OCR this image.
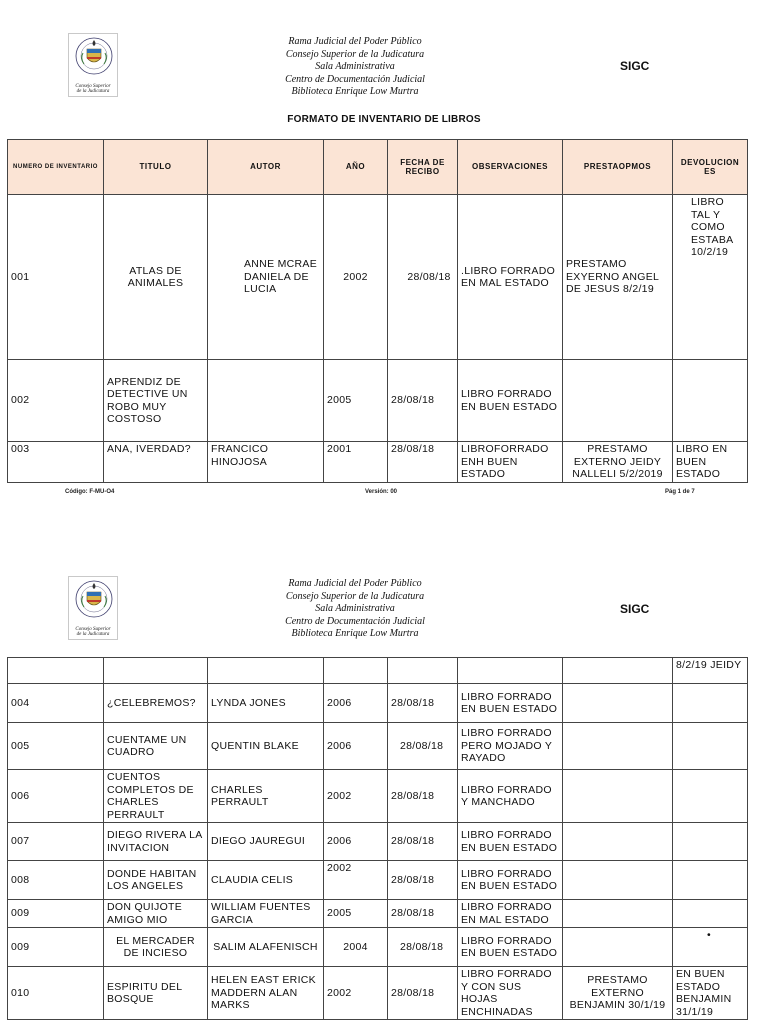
Consejo Superior
de la Judicatura
Rama Judicial del Poder Público
Consejo Superior de la Judicatura
Sala Administrativa
Centro de Documentación Judicial
Biblioteca Enrique Low Murtra
SIGC
FORMATO DE INVENTARIO DE LIBROS
NUMERO DE INVENTARIO	TITULO	AUTOR	AÑO	FECHA DE RECIBO	OBSERVACIONES	PRESTAOPMOS	DEVOLUCION ES
001	ATLAS DE ANIMALES	ANNE MCRAE DANIELA DE LUCIA	2002	28/08/18	.LIBRO FORRADO EN MAL ESTADO	PRESTAMO EXYERNO ANGEL DE JESUS 8/2/19	LIBRO TAL Y COMO ESTABA 10/2/19
002	APRENDIZ DE DETECTIVE UN ROBO MUY COSTOSO		2005	28/08/18	LIBRO FORRADO EN BUEN ESTADO		
003	ANA, IVERDAD?	FRANCICO HINOJOSA	2001	28/08/18	LIBROFORRADO ENH BUEN ESTADO	PRESTAMO EXTERNO JEIDY NALLELI 5/2/2019	LIBRO EN BUEN ESTADO
Código: F-MU-O4	Versión: 00	Pág 1 de 7
Consejo Superior
de la Judicatura
Rama Judicial del Poder Público
Consejo Superior de la Judicatura
Sala Administrativa
Centro de Documentación Judicial
Biblioteca Enrique Low Murtra
SIGC
							8/2/19 JEIDY
004	¿CELEBREMOS?	LYNDA JONES	2006	28/08/18	LIBRO FORRADO EN BUEN ESTADO		
005	CUENTAME UN CUADRO	QUENTIN BLAKE	2006	28/08/18	LIBRO FORRADO PERO MOJADO Y RAYADO		
006	CUENTOS COMPLETOS DE CHARLES PERRAULT	CHARLES PERRAULT	2002	28/08/18	LIBRO FORRADO Y MANCHADO		
007	DIEGO RIVERA LA INVITACION	DIEGO JAUREGUI	2006	28/08/18	LIBRO FORRADO EN BUEN ESTADO		
008	DONDE HABITAN LOS ANGELES	CLAUDIA CELIS	2002	28/08/18	LIBRO FORRADO EN BUEN ESTADO		
009	DON QUIJOTE AMIGO MIO	WILLIAM FUENTES GARCIA	2005	28/08/18	LIBRO FORRADO EN MAL ESTADO		
009	EL MERCADER DE INCIESO	SALIM ALAFENISCH	2004	28/08/18	LIBRO FORRADO EN BUEN ESTADO		•
010	ESPIRITU DEL BOSQUE	HELEN EAST ERICK MADDERN ALAN MARKS	2002	28/08/18	LIBRO FORRADO Y CON SUS HOJAS ENCHINADAS	PRESTAMO EXTERNO BENJAMIN 30/1/19	EN BUEN ESTADO BENJAMIN 31/1/19
